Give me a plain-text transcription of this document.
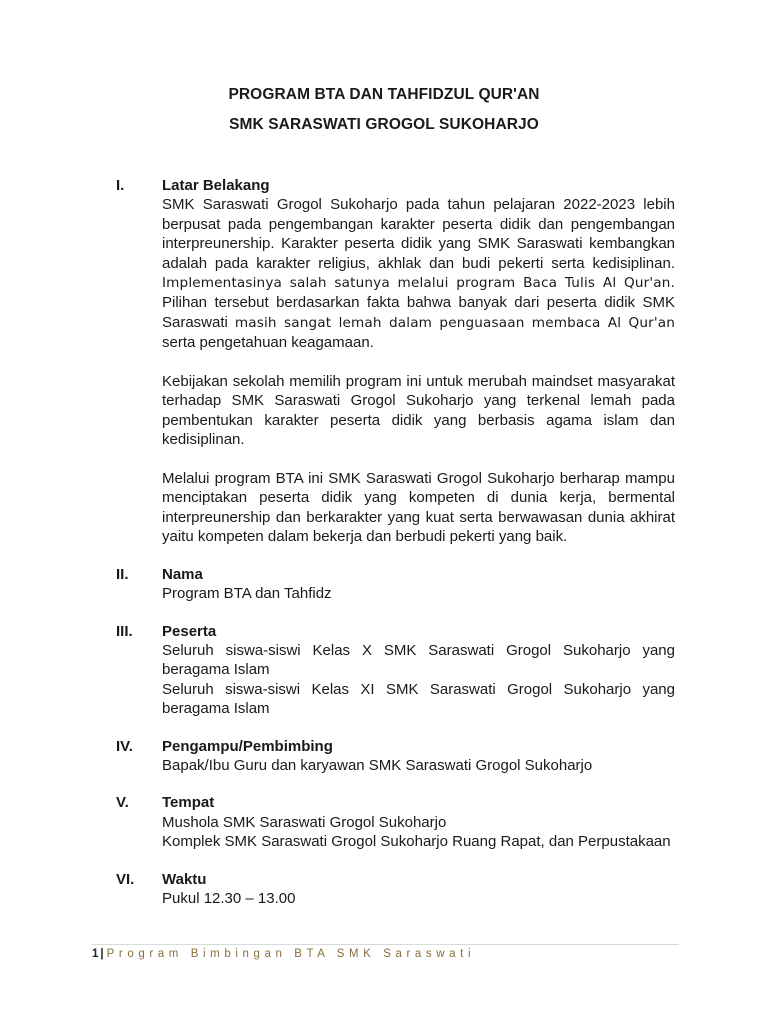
PROGRAM BTA DAN TAHFIDZUL QUR'AN
SMK SARASWATI GROGOL SUKOHARJO
I.	Latar Belakang

SMK Saraswati Grogol Sukoharjo pada tahun pelajaran 2022-2023 lebih berpusat pada pengembangan karakter peserta didik dan pengembangan interpreunership. Karakter peserta didik yang SMK Saraswati kembangkan adalah pada karakter religius, akhlak dan budi pekerti serta kedisiplinan. Implementasinya salah satunya melalui program Baca Tulis Al Qur'an. Pilihan tersebut berdasarkan fakta bahwa banyak dari peserta didik SMK Saraswati masih sangat lemah dalam penguasaan membaca Al Qur'an serta pengetahuan keagamaan.

Kebijakan sekolah memilih program ini untuk merubah maindset masyarakat terhadap SMK Saraswati Grogol Sukoharjo yang terkenal lemah pada pembentukan karakter peserta didik yang berbasis agama islam dan kedisiplinan.

Melalui program BTA ini SMK Saraswati Grogol Sukoharjo berharap mampu menciptakan peserta didik yang kompeten di dunia kerja, bermental interpreunership dan berkarakter yang kuat serta berwawasan dunia akhirat yaitu kompeten dalam bekerja dan berbudi pekerti yang baik.

II. Nama

Program BTA dan Tahfidz

III. Peserta

Seluruh siswa-siswi Kelas X SMK Saraswati Grogol Sukoharjo yang beragama Islam

Seluruh siswa-siswi Kelas XI SMK Saraswati Grogol Sukoharjo yang beragama Islam

IV. Pengampu/Pembimbing

Bapak/Ibu Guru dan karyawan SMK Saraswati Grogol Sukoharjo

V. Tempat

Mushola SMK Saraswati Grogol Sukoharjo

Komplek SMK Saraswati Grogol Sukoharjo Ruang Rapat, dan Perpustakaan

VI. Waktu

Pukul 12.30 – 13.00

1 | Program Bimbingan BTA SMK Saraswati
